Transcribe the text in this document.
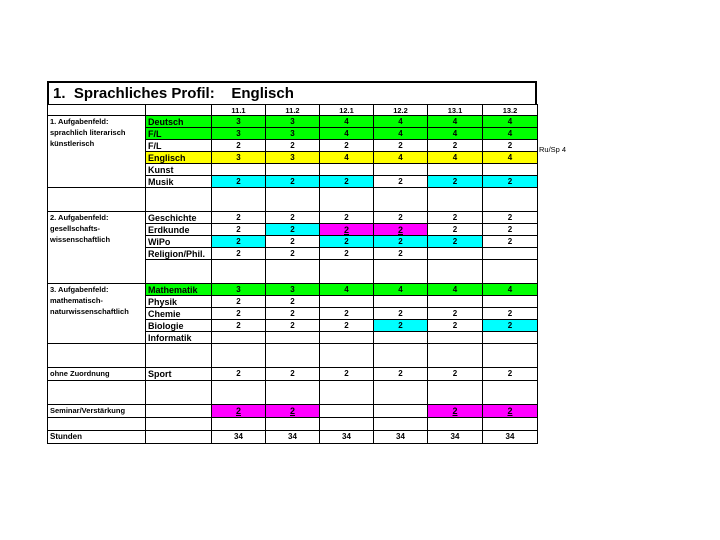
1.  Sprachliches Profil:    Englisch
		11.1	11.2	12.1	12.2	13.1	13.2
1. Aufgabenfeld: sprachlich literarisch künstlerisch	Deutsch	3	3	4	4	4	4
	F/L	3	3	4	4	4	4
	F/L	2	2	2	2	2	2
	Englisch	3	3	4	4	4	4
	Kunst						
	Musik	2	2	2	2	2	2

2. Aufgabenfeld: gesellschafts-wissenschaftlich	Geschichte	2	2	2	2	2	2
	Erdkunde	2	2	2	2	2	2
	WiPo	2	2	2	2	2	2
	Religion/Phil.	2	2	2	2		

3. Aufgabenfeld: mathematisch-naturwissenschaftlich	Mathematik	3	3	4	4	4	4
	Physik	2	2				
	Chemie	2	2	2	2	2	2
	Biologie	2	2	2	2	2	2
	Informatik						

ohne Zuordnung	Sport	2	2	2	2	2	2

Seminar/Verstärkung		2	2			2	2

Stunden		34	34	34	34	34	34
Ru/Sp 4
